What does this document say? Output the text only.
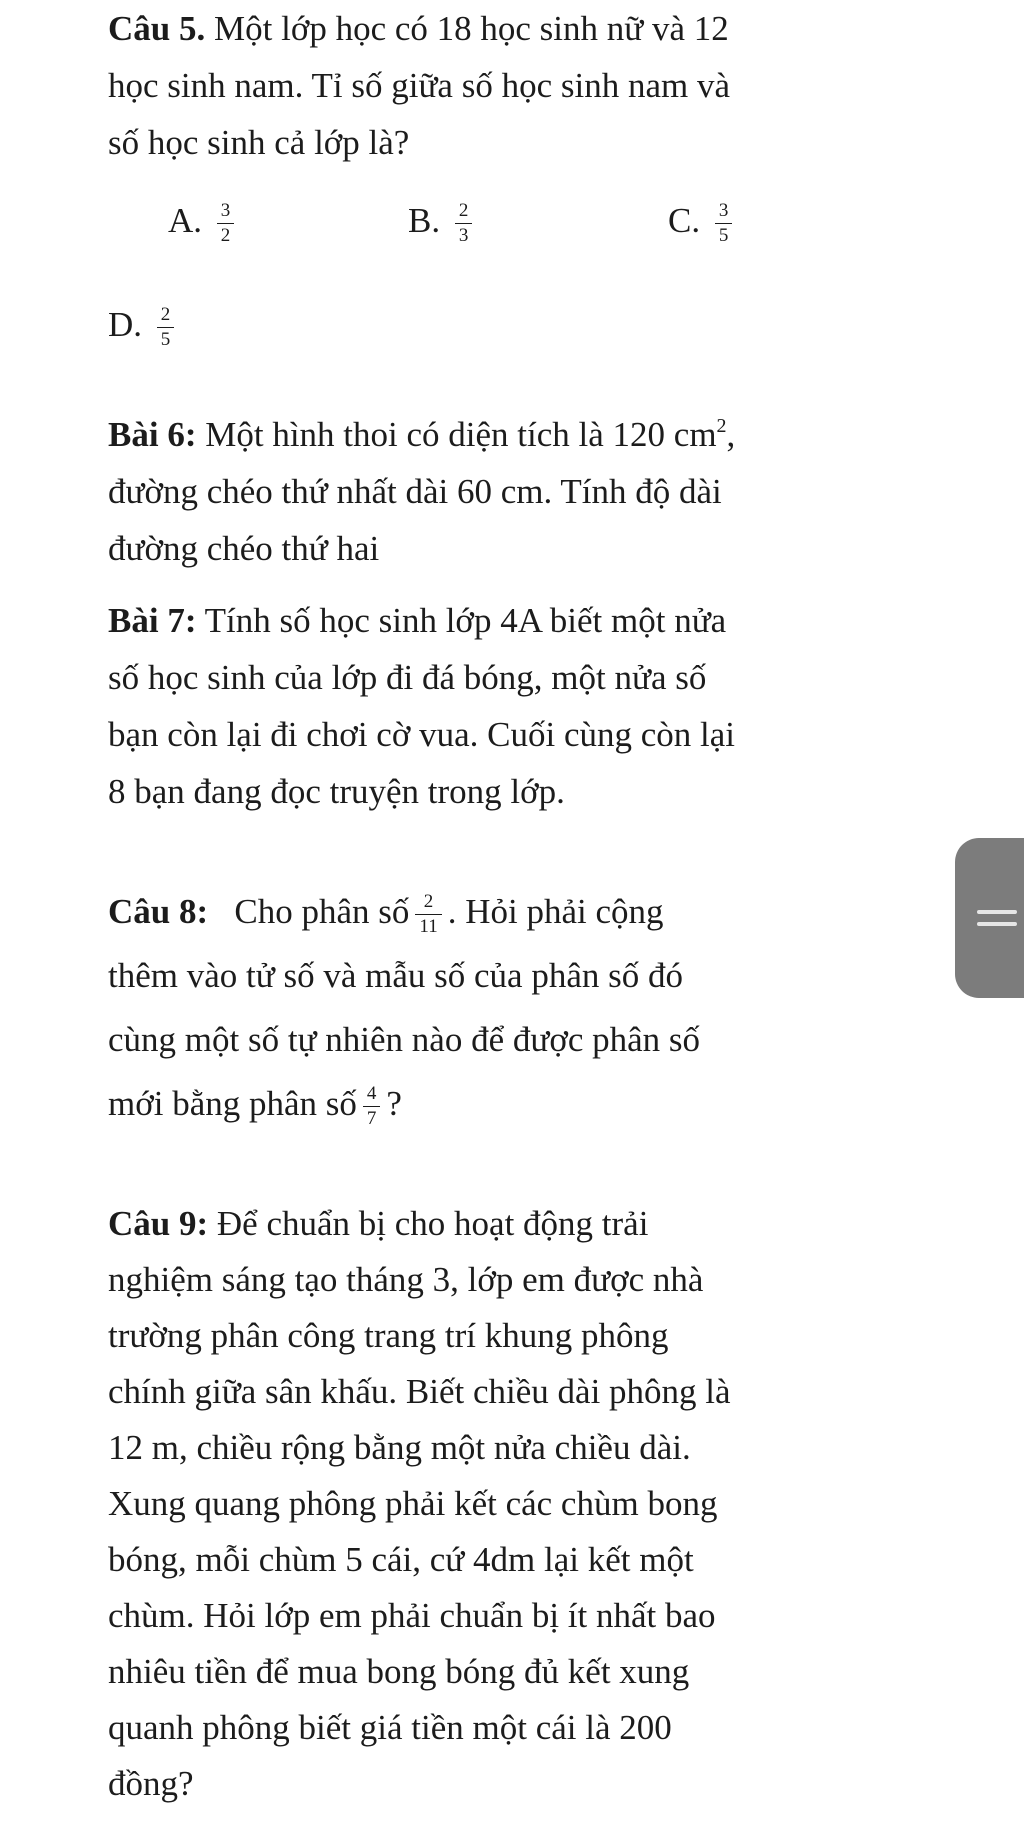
Câu 5. Một lớp học có 18 học sinh nữ và 12
học sinh nam. Tỉ số giữa số học sinh nam và
số học sinh cả lớp là?
A. $\frac{3}{2}$	B. $\frac{2}{3}$	C. $\frac{3}{5}$
D. $\frac{2}{5}$
Bài 6: Một hình thoi có diện tích là 120 $cm^2$,
đường chéo thứ nhất dài 60 cm. Tính độ dài
đường chéo thứ hai
Bài 7: Tính số học sinh lớp 4A biết một nửa
số học sinh của lớp đi đá bóng, một nửa số
bạn còn lại đi chơi cờ vua. Cuối cùng còn lại
8 bạn đang đọc truyện trong lớp.
Câu 8:   Cho phân số $\frac{2}{11}$ . Hỏi phải cộng
thêm vào tử số và mẫu số của phân số đó
cùng một số tự nhiên nào để được phân số
mới bằng phân số $\frac{4}{7}$ ?
Câu 9: Để chuẩn bị cho hoạt động trải
nghiệm sáng tạo tháng 3, lớp em được nhà
trường phân công trang trí khung phông
chính giữa sân khấu. Biết chiều dài phông là
12 m, chiều rộng bằng một nửa chiều dài.
Xung quang phông phải kết các chùm bong
bóng, mỗi chùm 5 cái, cứ 4dm lại kết một
chùm. Hỏi lớp em phải chuẩn bị ít nhất bao
nhiêu tiền để mua bong bóng đủ kết xung
quanh phông biết giá tiền một cái là 200
đồng?
